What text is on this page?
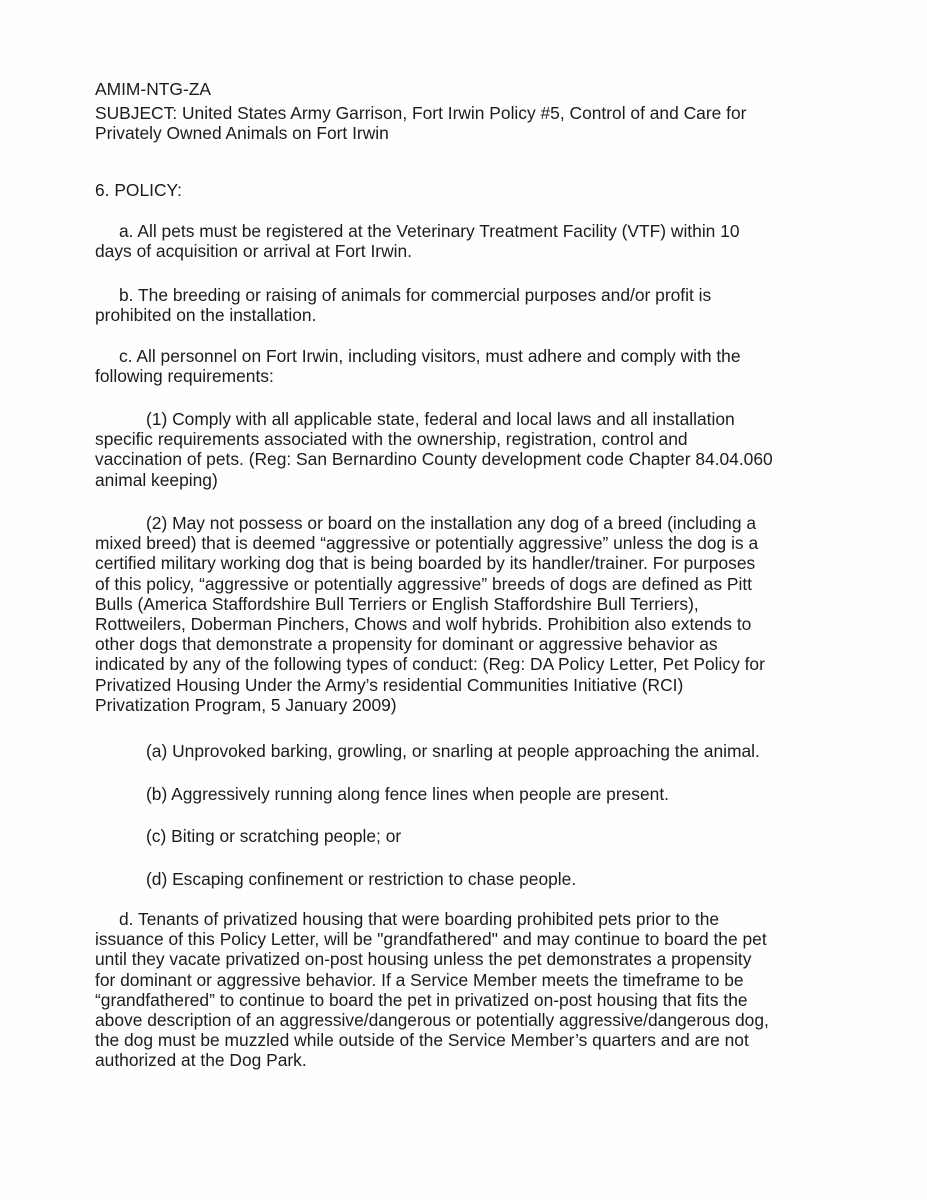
AMIM-NTG-ZA

SUBJECT: United States Army Garrison, Fort Irwin Policy #5, Control of and Care for
Privately Owned Animals on Fort Irwin

6. POLICY:

a. All pets must be registered at the Veterinary Treatment Facility (VTF) within 10
days of acquisition or arrival at Fort Irwin.

b. The breeding or raising of animals for commercial purposes and/or profit is
prohibited on the installation.

c. All personnel on Fort Irwin, including visitors, must adhere and comply with the
following requirements:

(1) Comply with all applicable state, federal and local laws and all installation
specific requirements associated with the ownership, registration, control and
vaccination of pets. (Reg: San Bernardino County development code Chapter 84.04.060
animal keeping)

(2) May not possess or board on the installation any dog of a breed (including a
mixed breed) that is deemed “aggressive or potentially aggressive” unless the dog is a
certified military working dog that is being boarded by its handler/trainer. For purposes
of this policy, “aggressive or potentially aggressive” breeds of dogs are defined as Pitt
Bulls (America Staffordshire Bull Terriers or English Staffordshire Bull Terriers),
Rottweilers, Doberman Pinchers, Chows and wolf hybrids. Prohibition also extends to
other dogs that demonstrate a propensity for dominant or aggressive behavior as
indicated by any of the following types of conduct: (Reg: DA Policy Letter, Pet Policy for
Privatized Housing Under the Army’s residential Communities Initiative (RCI)
Privatization Program, 5 January 2009)

(a) Unprovoked barking, growling, or snarling at people approaching the animal.

(b) Aggressively running along fence lines when people are present.

(c) Biting or scratching people; or

(d) Escaping confinement or restriction to chase people.

d. Tenants of privatized housing that were boarding prohibited pets prior to the
issuance of this Policy Letter, will be "grandfathered" and may continue to board the pet
until they vacate privatized on-post housing unless the pet demonstrates a propensity
for dominant or aggressive behavior. If a Service Member meets the timeframe to be
“grandfathered” to continue to board the pet in privatized on-post housing that fits the
above description of an aggressive/dangerous or potentially aggressive/dangerous dog,
the dog must be muzzled while outside of the Service Member’s quarters and are not
authorized at the Dog Park.
